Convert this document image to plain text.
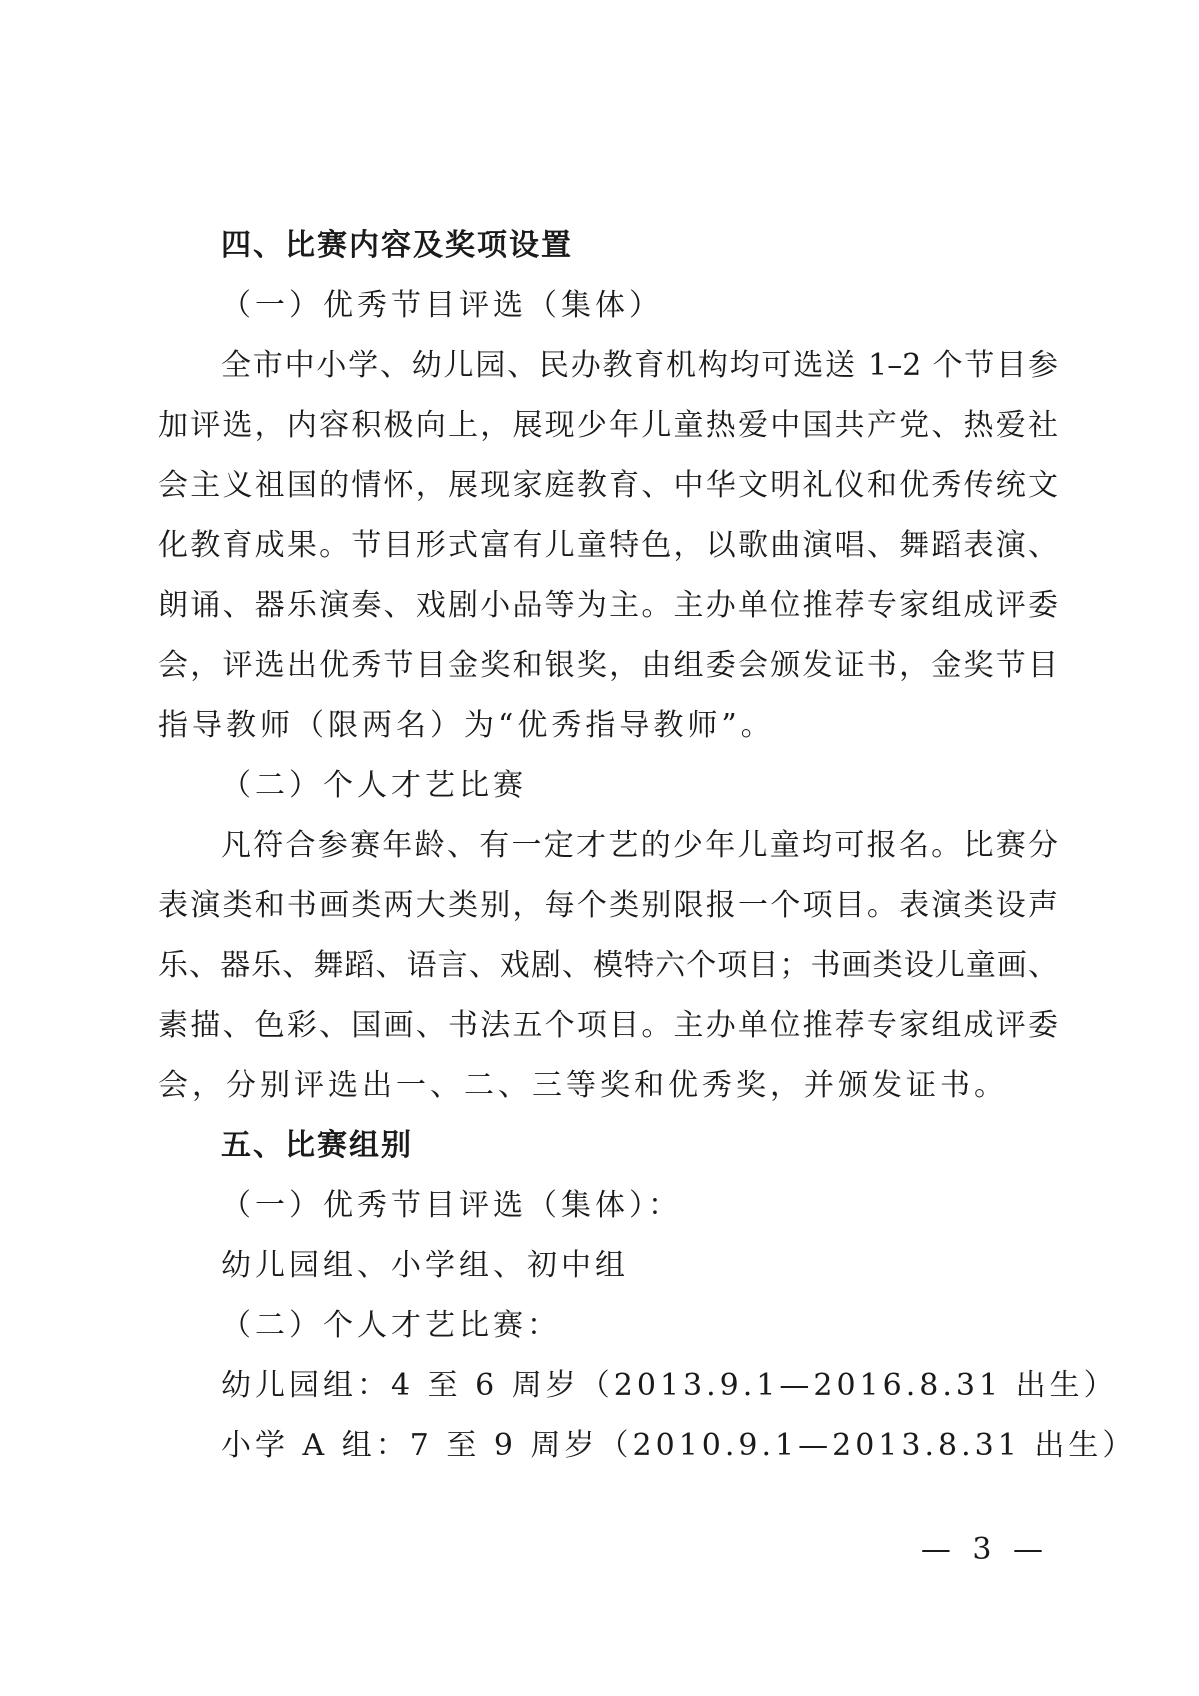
四、比赛内容及奖项设置
（一）优秀节目评选（集体）
全市中小学、幼儿园、民办教育机构均可选送 1–2 个节目参
加评选，内容积极向上，展现少年儿童热爱中国共产党、热爱社
会主义祖国的情怀，展现家庭教育、中华文明礼仪和优秀传统文
化教育成果。节目形式富有儿童特色，以歌曲演唱、舞蹈表演、
朗诵、器乐演奏、戏剧小品等为主。主办单位推荐专家组成评委
会，评选出优秀节目金奖和银奖，由组委会颁发证书，金奖节目
指导教师（限两名）为“优秀指导教师”。
（二）个人才艺比赛
凡符合参赛年龄、有一定才艺的少年儿童均可报名。比赛分
表演类和书画类两大类别，每个类别限报一个项目。表演类设声
乐、器乐、舞蹈、语言、戏剧、模特六个项目；书画类设儿童画、
素描、色彩、国画、书法五个项目。主办单位推荐专家组成评委
会，分别评选出一、二、三等奖和优秀奖，并颁发证书。
五、比赛组别
（一）优秀节目评选（集体）：
幼儿园组、小学组、初中组
（二）个人才艺比赛：
幼儿园组：4 至 6 周岁（2013.9.1—2016.8.31 出生）
小学 A 组：7 至 9 周岁（2010.9.1—2013.8.31 出生）
— 3 —
